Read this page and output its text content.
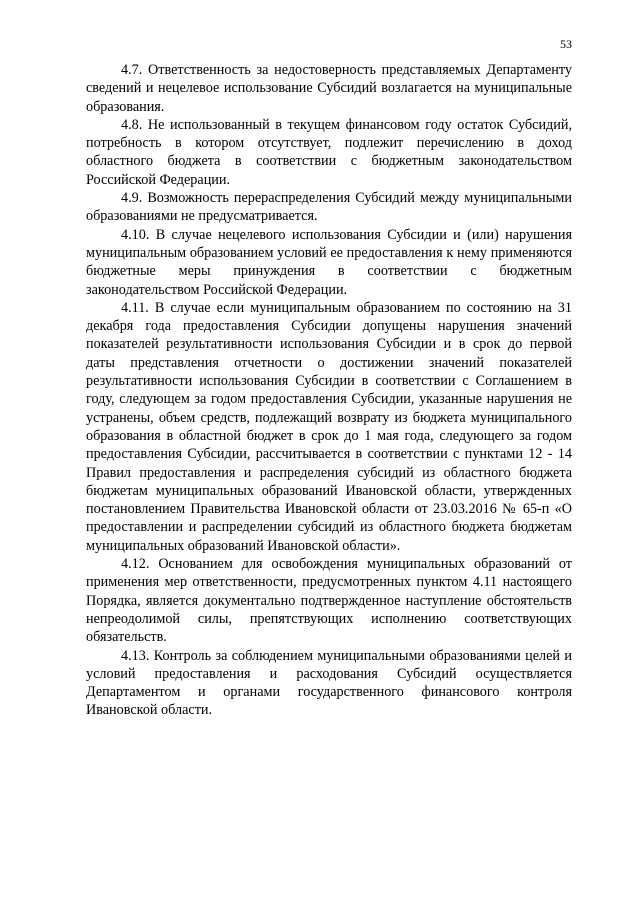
53

4.7. Ответственность за недостоверность представляемых Департаменту сведений и нецелевое использование Субсидий возлагается на муниципальные образования.

4.8. Не использованный в текущем финансовом году остаток Субсидий, потребность в котором отсутствует, подлежит перечислению в доход областного бюджета в соответствии с бюджетным законодательством Российской Федерации.

4.9. Возможность перераспределения Субсидий между муниципальными образованиями не предусматривается.

4.10. В случае нецелевого использования Субсидии и (или) нарушения муниципальным образованием условий ее предоставления к нему применяются бюджетные меры принуждения в соответствии с бюджетным законодательством Российской Федерации.

4.11. В случае если муниципальным образованием по состоянию на 31 декабря года предоставления Субсидии допущены нарушения значений показателей результативности использования Субсидии и в срок до первой даты представления отчетности о достижении значений показателей результативности использования Субсидии в соответствии с Соглашением в году, следующем за годом предоставления Субсидии, указанные нарушения не устранены, объем средств, подлежащий возврату из бюджета муниципального образования в областной бюджет в срок до 1 мая года, следующего за годом предоставления Субсидии, рассчитывается в соответствии с пунктами 12 - 14 Правил предоставления и распределения субсидий из областного бюджета бюджетам муниципальных образований Ивановской области, утвержденных постановлением Правительства Ивановской области от 23.03.2016 № 65-п «О предоставлении и распределении субсидий из областного бюджета бюджетам муниципальных образований Ивановской области».

4.12. Основанием для освобождения муниципальных образований от применения мер ответственности, предусмотренных пунктом 4.11 настоящего Порядка, является документально подтвержденное наступление обстоятельств непреодолимой силы, препятствующих исполнению соответствующих обязательств.

4.13. Контроль за соблюдением муниципальными образованиями целей и условий предоставления и расходования Субсидий осуществляется Департаментом и органами государственного финансового контроля Ивановской области.
